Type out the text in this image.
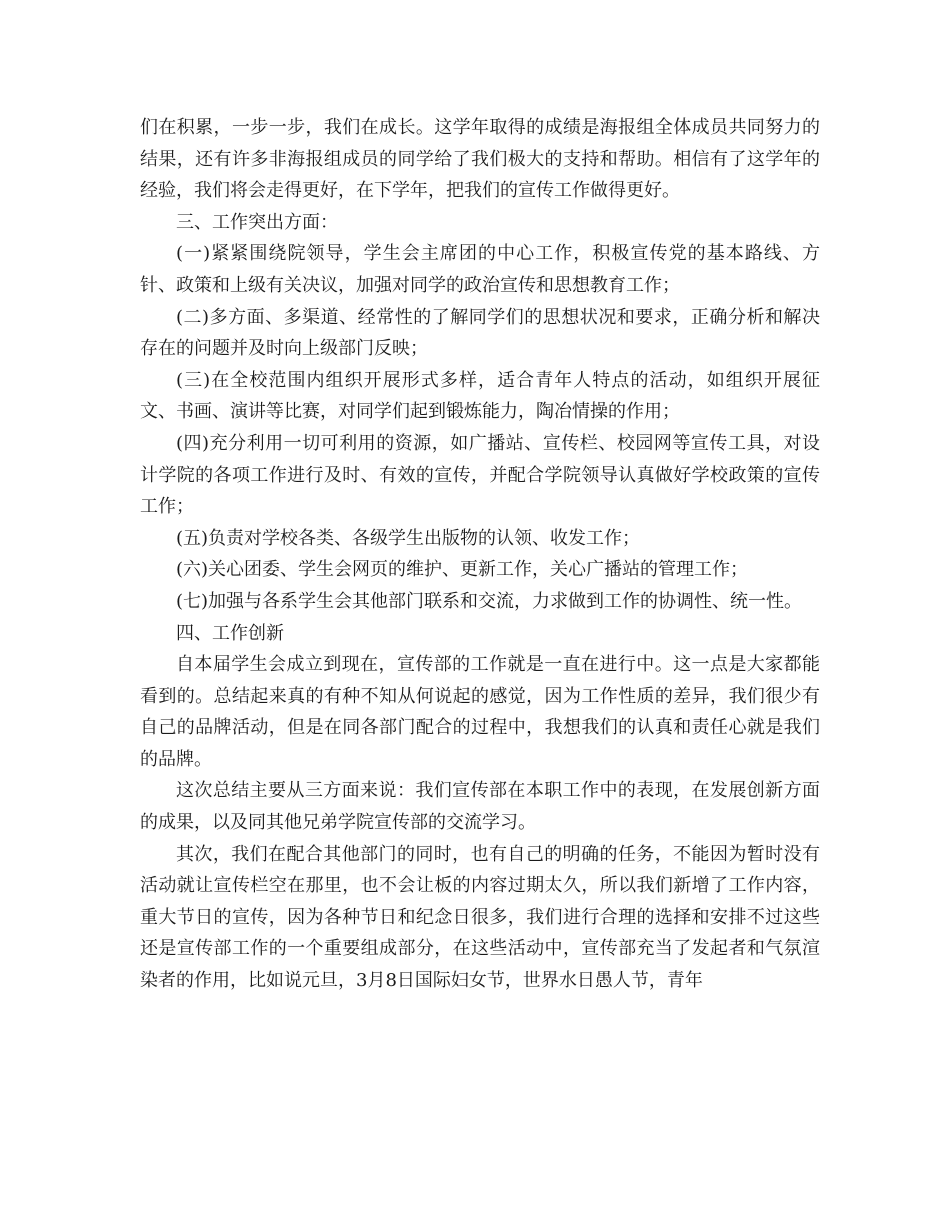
们在积累，一步一步，我们在成长。这学年取得的成绩是海报组全体成员共同努力的结果，还有许多非海报组成员的同学给了我们极大的支持和帮助。相信有了这学年的经验，我们将会走得更好，在下学年，把我们的宣传工作做得更好。

三、工作突出方面：

(一)紧紧围绕院领导，学生会主席团的中心工作，积极宣传党的基本路线、方针、政策和上级有关决议，加强对同学的政治宣传和思想教育工作；

(二)多方面、多渠道、经常性的了解同学们的思想状况和要求，正确分析和解决存在的问题并及时向上级部门反映；

(三)在全校范围内组织开展形式多样，适合青年人特点的活动，如组织开展征文、书画、演讲等比赛，对同学们起到锻炼能力，陶冶情操的作用；

(四)充分利用一切可利用的资源，如广播站、宣传栏、校园网等宣传工具，对设计学院的各项工作进行及时、有效的宣传，并配合学院领导认真做好学校政策的宣传工作；

(五)负责对学校各类、各级学生出版物的认领、收发工作；

(六)关心团委、学生会网页的维护、更新工作，关心广播站的管理工作；

(七)加强与各系学生会其他部门联系和交流，力求做到工作的协调性、统一性。

四、工作创新

自本届学生会成立到现在，宣传部的工作就是一直在进行中。这一点是大家都能看到的。总结起来真的有种不知从何说起的感觉，因为工作性质的差异，我们很少有自己的品牌活动，但是在同各部门配合的过程中，我想我们的认真和责任心就是我们的品牌。

这次总结主要从三方面来说：我们宣传部在本职工作中的表现，在发展创新方面的成果，以及同其他兄弟学院宣传部的交流学习。

其次，我们在配合其他部门的同时，也有自己的明确的任务，不能因为暂时没有活动就让宣传栏空在那里，也不会让板的内容过期太久，所以我们新增了工作内容，重大节日的宣传，因为各种节日和纪念日很多，我们进行合理的选择和安排不过这些还是宣传部工作的一个重要组成部分，在这些活动中，宣传部充当了发起者和气氛渲染者的作用，比如说元旦，3月8日国际妇女节，世界水日愚人节，青年
